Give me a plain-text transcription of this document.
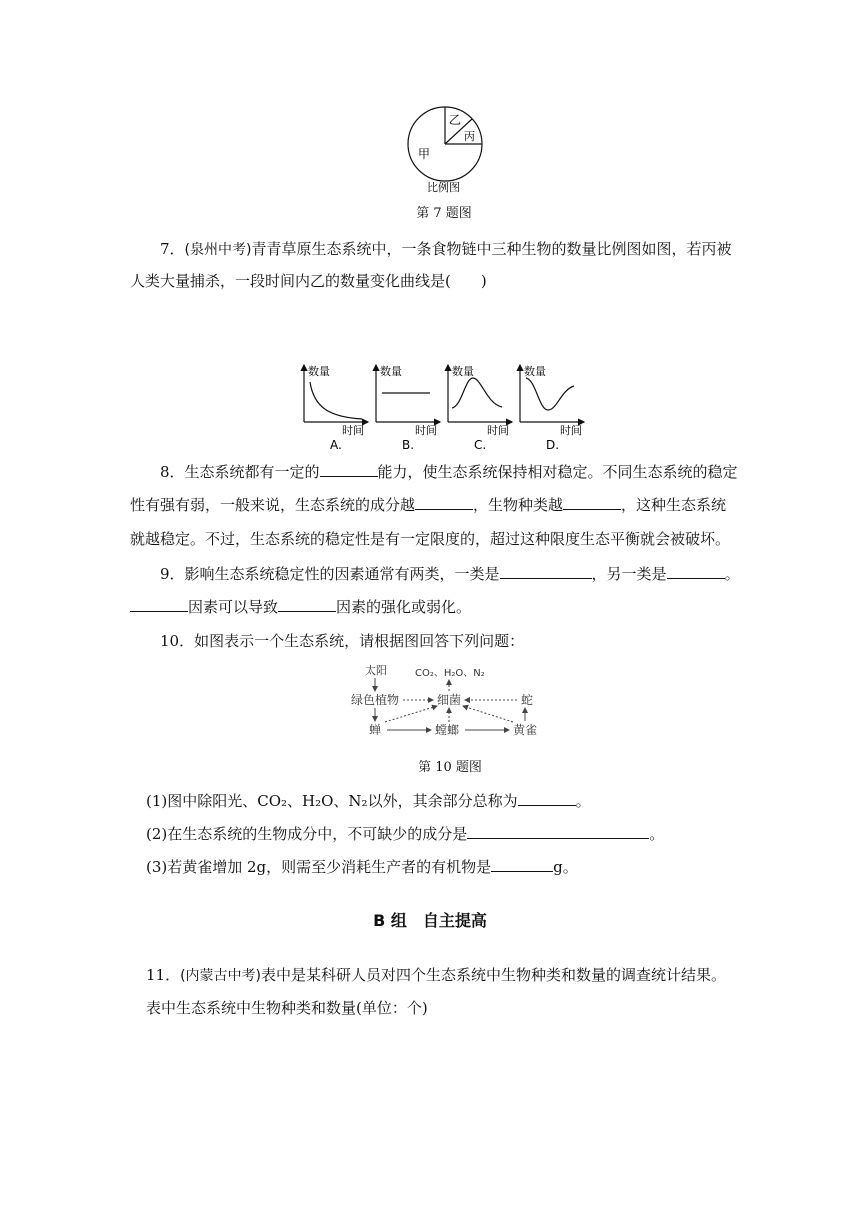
乙
丙
甲
比例图
第 7 题图
7．(泉州中考)青青草原生态系统中，一条食物链中三种生物的数量比例图如图，若丙被
人类大量捕杀，一段时间内乙的数量变化曲线是(　　)
数量
时间
A.
数量
时间
B.
数量
时间
C.
数量
时间
D.
8．生态系统都有一定的	能力，使生态系统保持相对稳定。不同生态系统的稳定
性有强有弱，一般来说，生态系统的成分越	，生物种类越	，这种生态系统
就越稳定。不过，生态系统的稳定性是有一定限度的，超过这种限度生态平衡就会被破坏。
9．影响生态系统稳定性的因素通常有两类，一类是	，另一类是	。
因素可以导致	因素的强化或弱化。
10．如图表示一个生态系统，请根据图回答下列问题：
太阳	CO₂、H₂O、N₂
绿色植物	细菌	蛇
蝉	螳螂	黄雀
第 10 题图
(1)图中除阳光、CO₂、H₂O、N₂以外，其余部分总称为	。
(2)在生态系统的生物成分中，不可缺少的成分是	。
(3)若黄雀增加 2g，则需至少消耗生产者的有机物是	g。
B 组　自主提高
11．(内蒙古中考)表中是某科研人员对四个生态系统中生物种类和数量的调查统计结果。
表中生态系统中生物种类和数量(单位：个)
